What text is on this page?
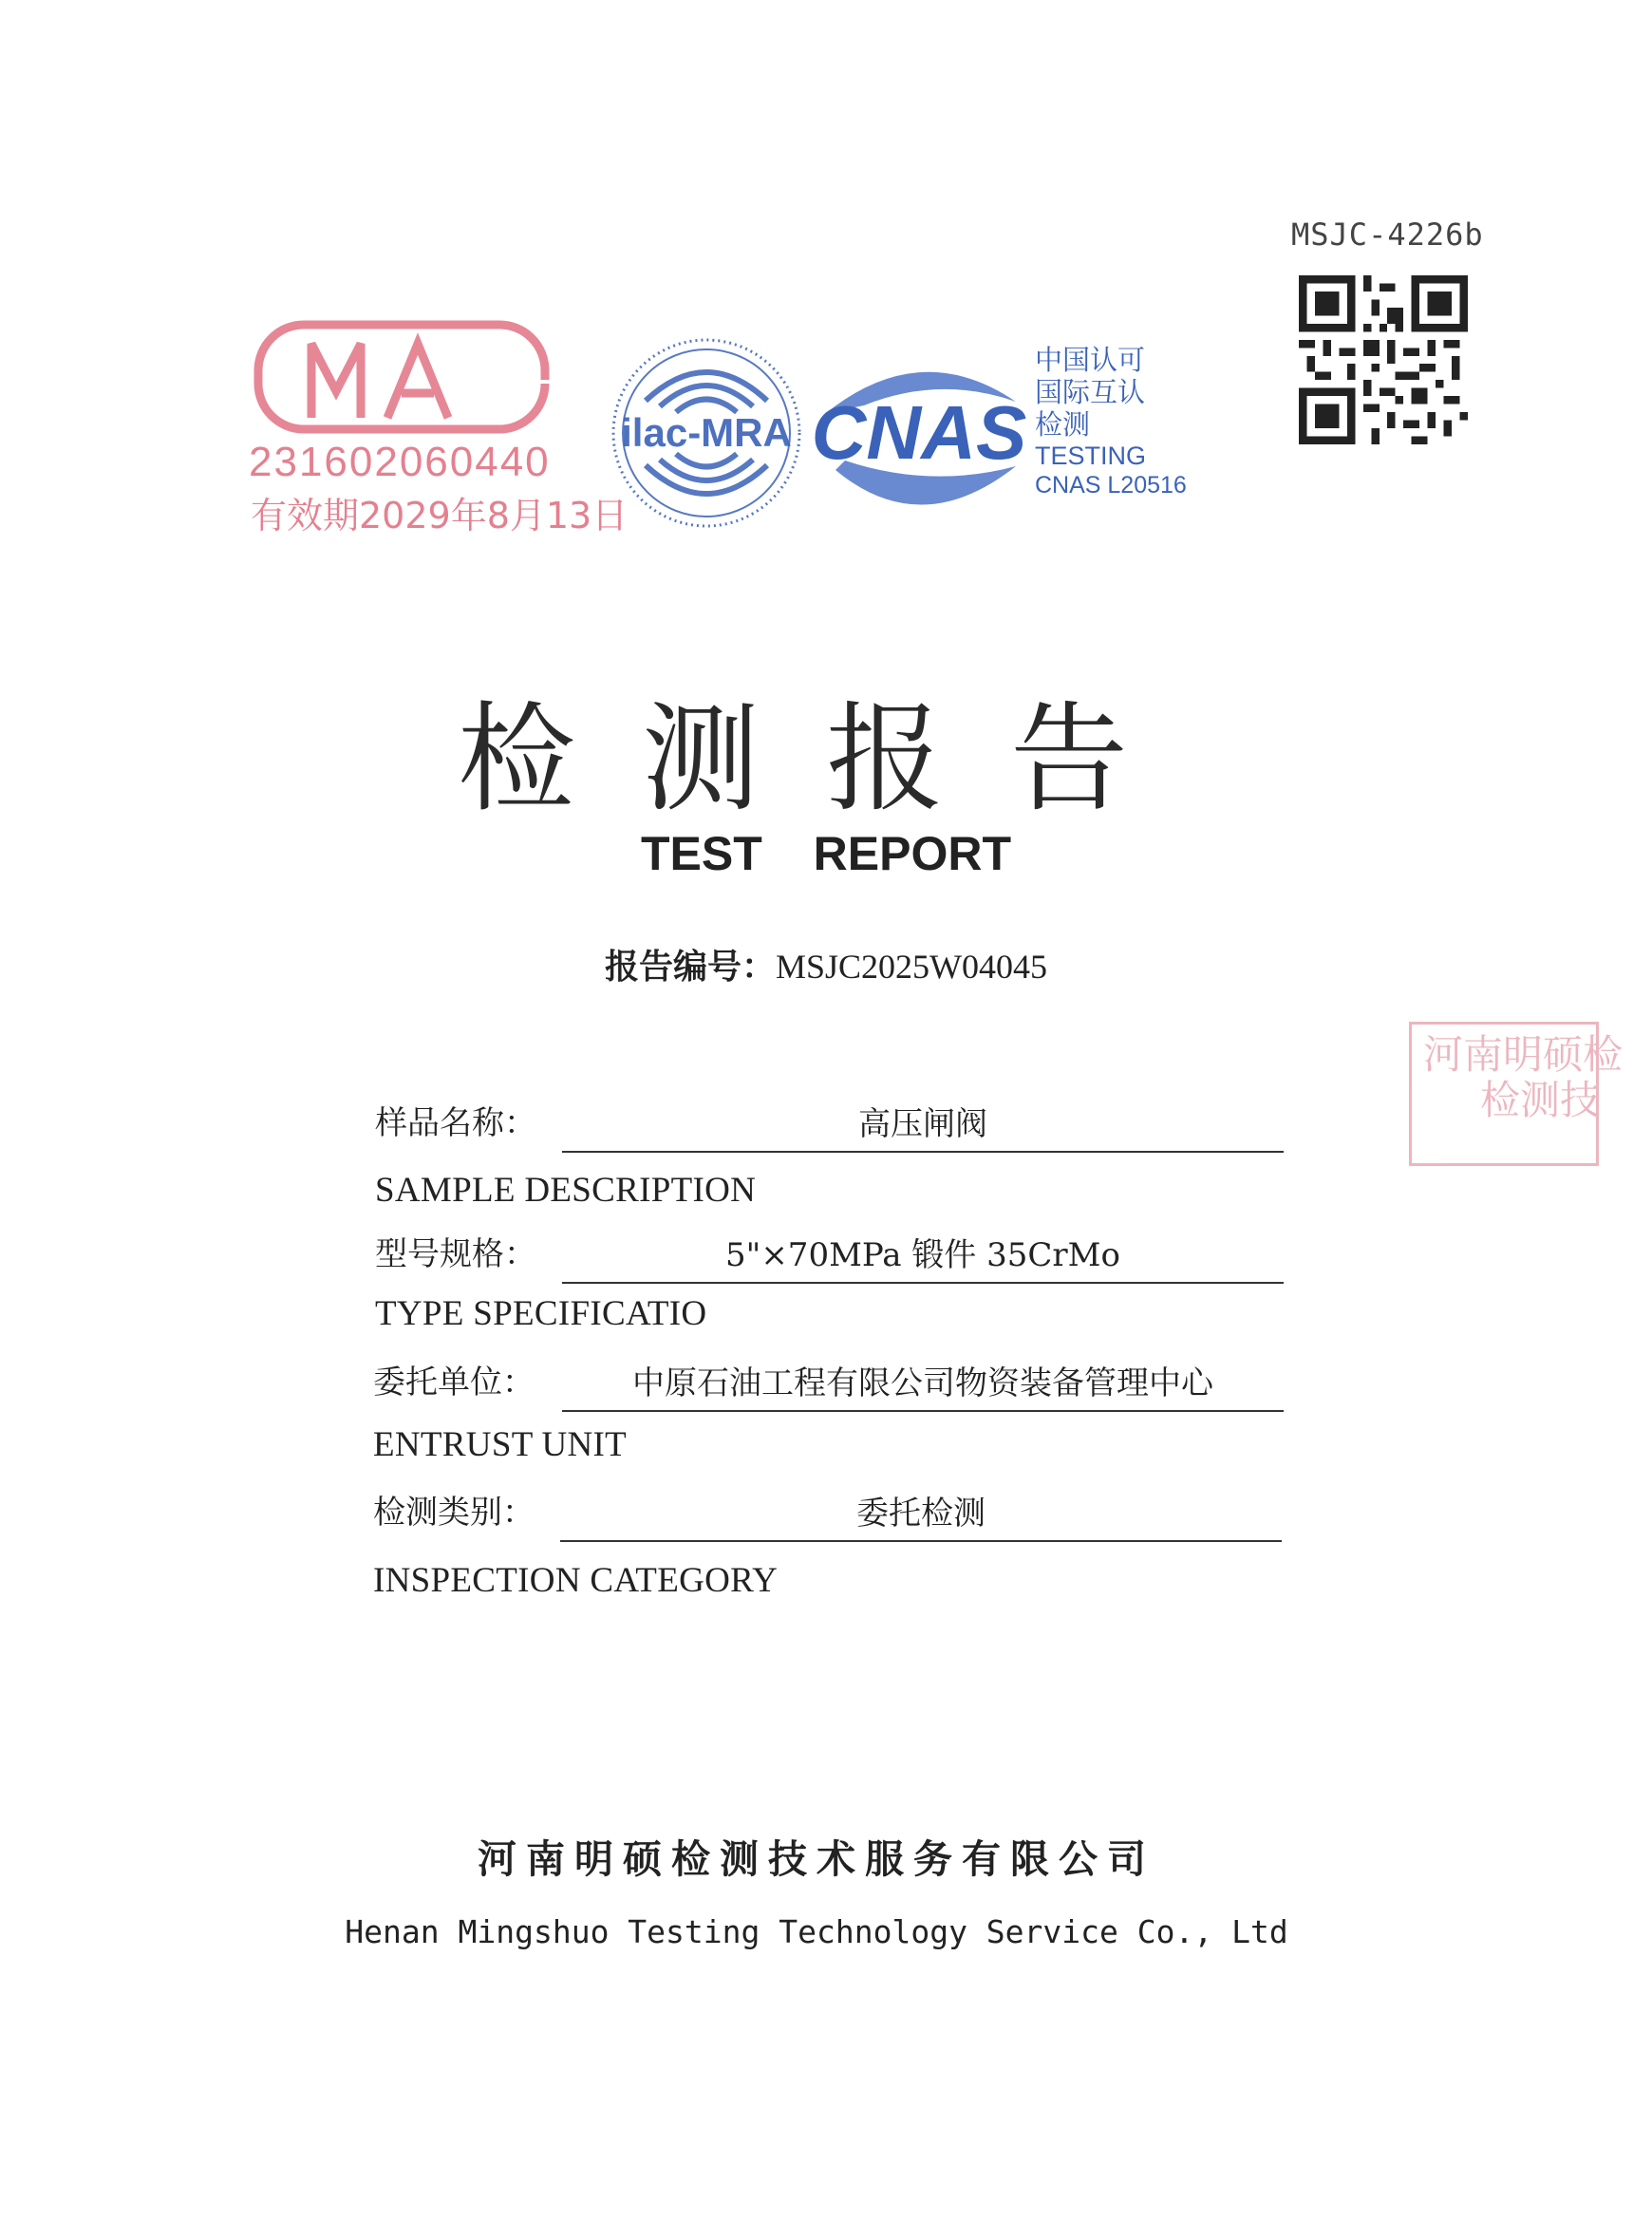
MSJC-4226b
231602060440
有效期2029年8月13日
ilac-MRA CNAS
中国认可
国际互认
检测
TESTING
CNAS L20516
检测报告
TEST REPORT
报告编号：MSJC2025W04045
河南明硕检
检测技
样品名称：	高压闸阀
SAMPLE DESCRIPTION
型号规格：	5"×70MPa 锻件 35CrMo
TYPE SPECIFICATIO
委托单位：	中原石油工程有限公司物资装备管理中心
ENTRUST UNIT
检测类别：	委托检测
INSPECTION CATEGORY
河南明硕检测技术服务有限公司
Henan Mingshuo Testing Technology Service Co., Ltd
